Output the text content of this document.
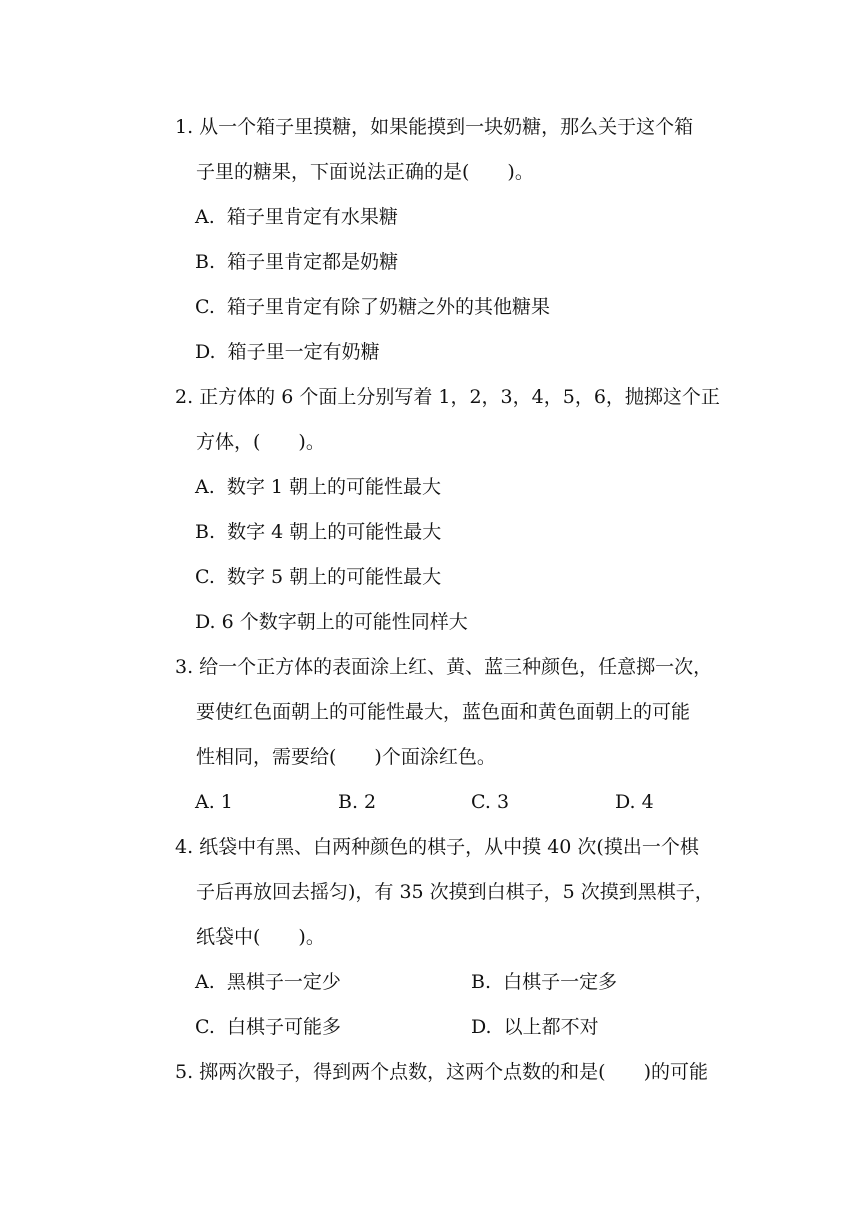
1. 从一个箱子里摸糖，如果能摸到一块奶糖，那么关于这个箱
子里的糖果，下面说法正确的是(　　)。
A.  箱子里肯定有水果糖
B.  箱子里肯定都是奶糖
C.  箱子里肯定有除了奶糖之外的其他糖果
D.  箱子里一定有奶糖
2. 正方体的 6 个面上分别写着 1，2，3，4，5，6，抛掷这个正
方体，(　　)。
A.  数字 1 朝上的可能性最大
B.  数字 4 朝上的可能性最大
C.  数字 5 朝上的可能性最大
D. 6 个数字朝上的可能性同样大
3. 给一个正方体的表面涂上红、黄、蓝三种颜色，任意掷一次，
要使红色面朝上的可能性最大，蓝色面和黄色面朝上的可能
性相同，需要给(　　)个面涂红色。
A. 1	B. 2	C. 3	D. 4
4. 纸袋中有黑、白两种颜色的棋子，从中摸 40 次(摸出一个棋
子后再放回去摇匀)，有 35 次摸到白棋子，5 次摸到黑棋子，
纸袋中(　　)。
A.  黑棋子一定少	B.  白棋子一定多
C.  白棋子可能多	D.  以上都不对
5. 掷两次骰子，得到两个点数，这两个点数的和是(　　)的可能
